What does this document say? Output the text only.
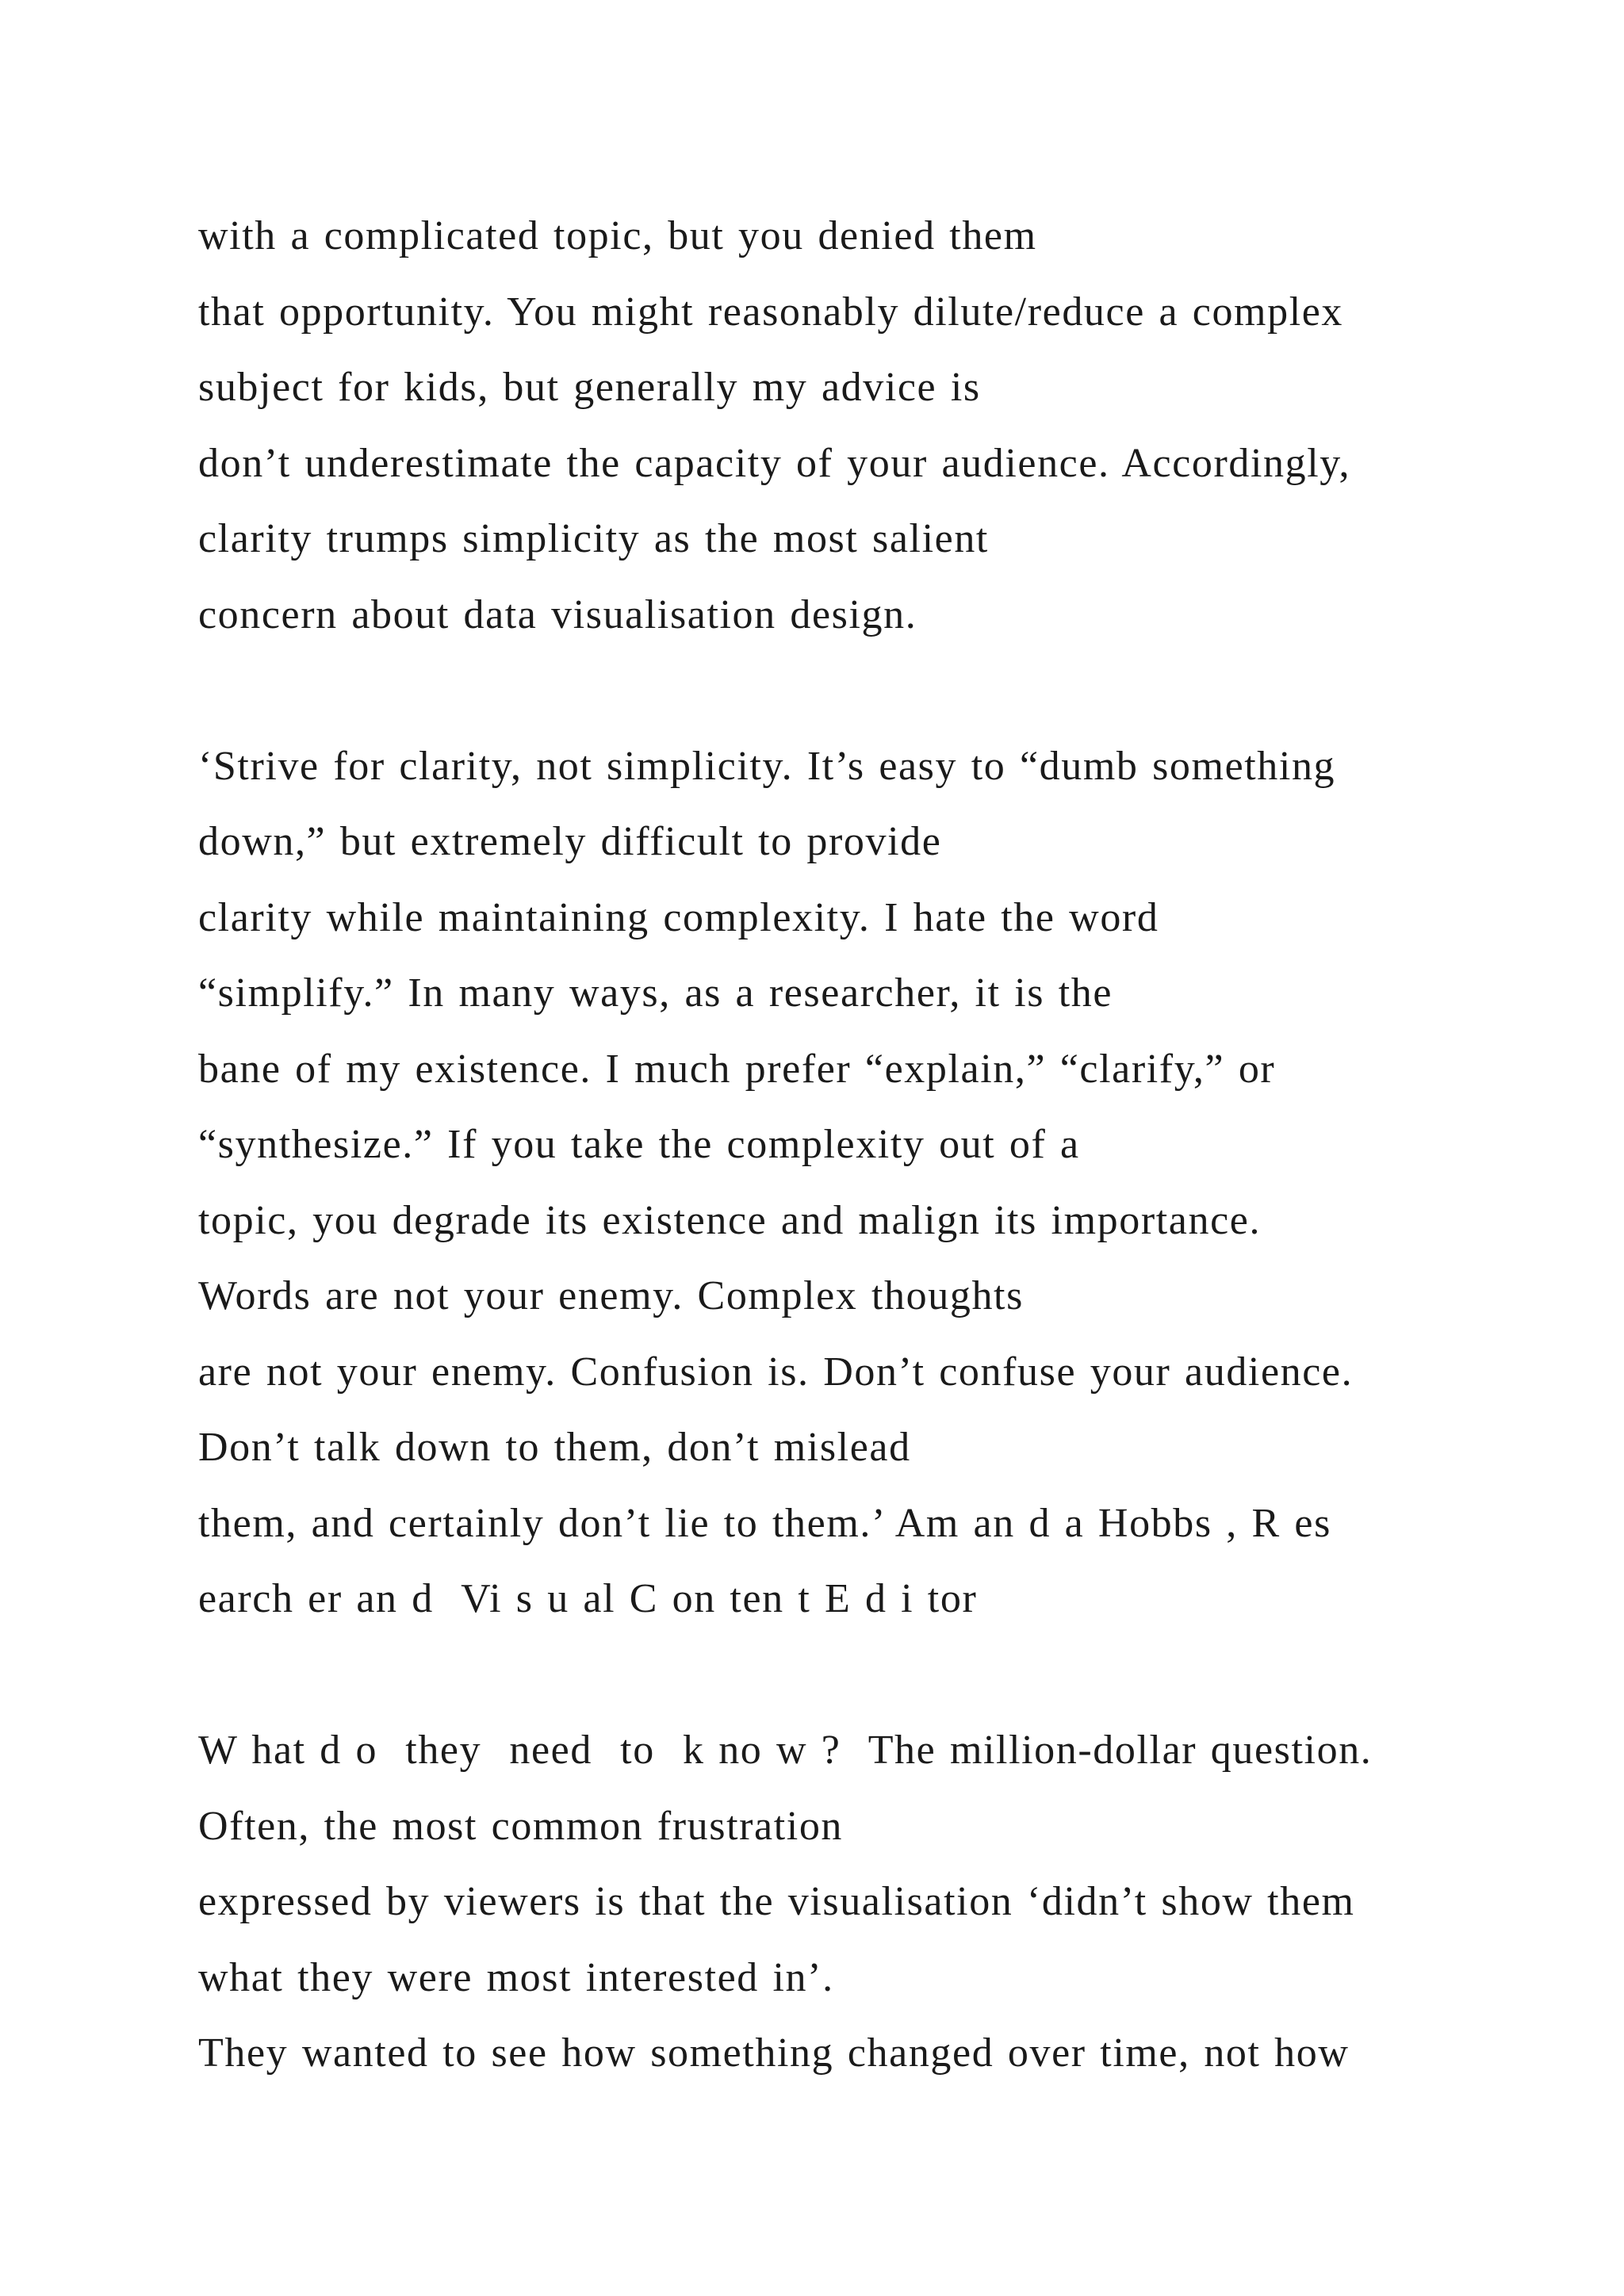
with a complicated topic, but you denied them
that opportunity. You might reasonably dilute/reduce a complex
subject for kids, but generally my advice is
don’t underestimate the capacity of your audience. Accordingly,
clarity trumps simplicity as the most salient
concern about data visualisation design.
‘Strive for clarity, not simplicity. It’s easy to “dumb something
down,” but extremely difficult to provide
clarity while maintaining complexity. I hate the word
“simplify.” In many ways, as a researcher, it is the
bane of my existence. I much prefer “explain,” “clarify,” or
“synthesize.” If you take the complexity out of a
topic, you degrade its existence and malign its importance.
Words are not your enemy. Complex thoughts
are not your enemy. Confusion is. Don’t confuse your audience.
Don’t talk down to them, don’t mislead
them, and certainly don’t lie to them.’ Am an d a Hobbs , R es
earch er an d  Vi s u al C on ten t E d i tor
W hat d o  they  need  to  k no w ?  The million-dollar question.
Often, the most common frustration
expressed by viewers is that the visualisation ‘didn’t show them
what they were most interested in’.
They wanted to see how something changed over time, not how
